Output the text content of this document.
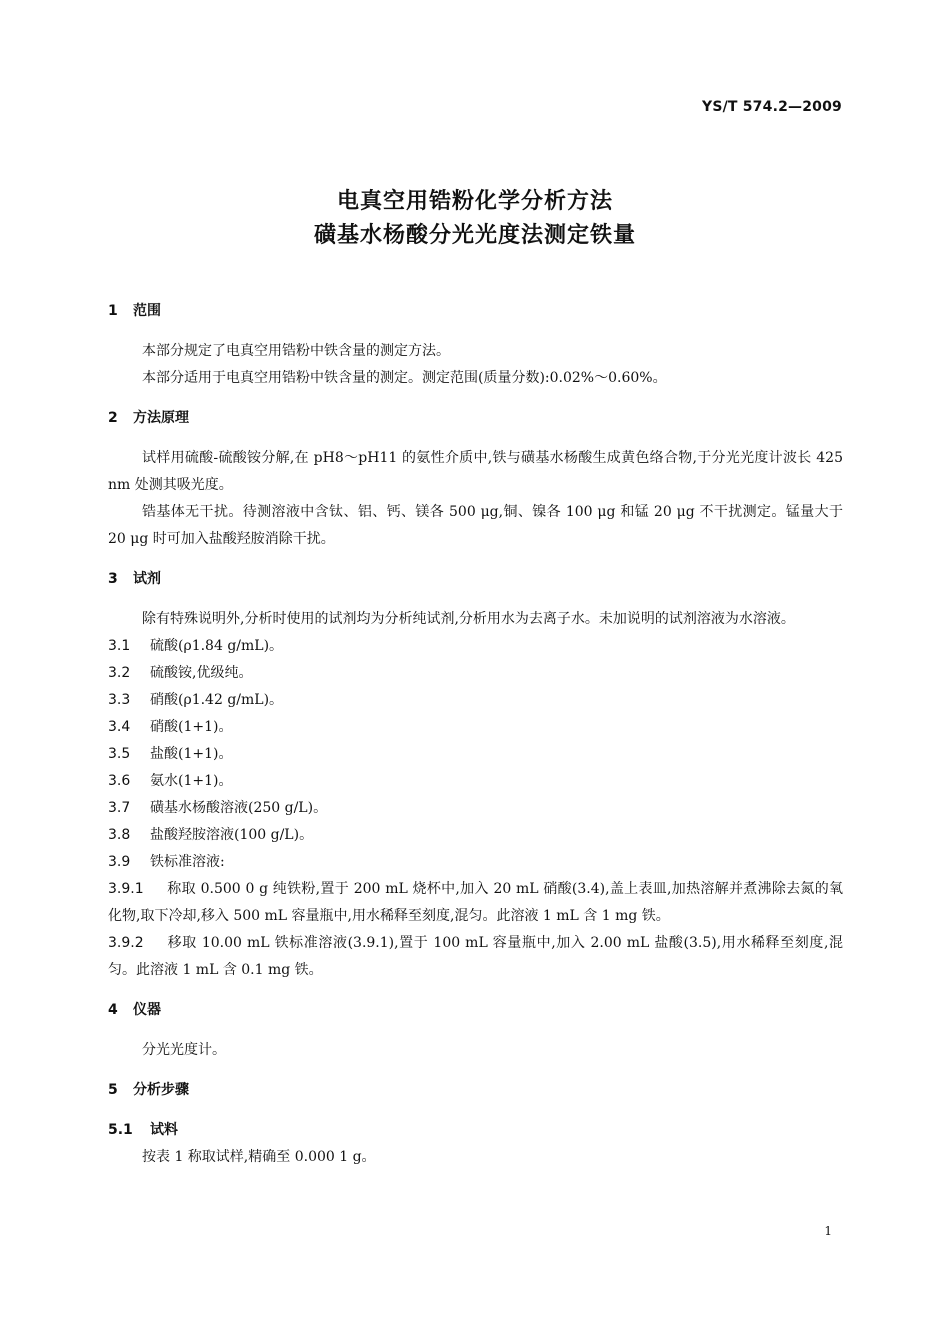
YS/T 574.2—2009
电真空用锆粉化学分析方法
磺基水杨酸分光光度法测定铁量
1 范围
本部分规定了电真空用锆粉中铁含量的测定方法。
本部分适用于电真空用锆粉中铁含量的测定。测定范围(质量分数):0.02%～0.60%。
2 方法原理
试样用硫酸-硫酸铵分解,在 pH8～pH11 的氨性介质中,铁与磺基水杨酸生成黄色络合物,于分光光度计波长 425 nm 处测其吸光度。
锆基体无干扰。待测溶液中含钛、铝、钙、镁各 500 μg,铜、镍各 100 μg 和锰 20 μg 不干扰测定。锰量大于 20 μg 时可加入盐酸羟胺消除干扰。
3 试剂
除有特殊说明外,分析时使用的试剂均为分析纯试剂,分析用水为去离子水。未加说明的试剂溶液为水溶液。
3.1 硫酸(ρ1.84 g/mL)。
3.2 硫酸铵,优级纯。
3.3 硝酸(ρ1.42 g/mL)。
3.4 硝酸(1+1)。
3.5 盐酸(1+1)。
3.6 氨水(1+1)。
3.7 磺基水杨酸溶液(250 g/L)。
3.8 盐酸羟胺溶液(100 g/L)。
3.9 铁标准溶液:
3.9.1 称取 0.500 0 g 纯铁粉,置于 200 mL 烧杯中,加入 20 mL 硝酸(3.4),盖上表皿,加热溶解并煮沸除去氮的氧化物,取下冷却,移入 500 mL 容量瓶中,用水稀释至刻度,混匀。此溶液 1 mL 含 1 mg 铁。
3.9.2 移取 10.00 mL 铁标准溶液(3.9.1),置于 100 mL 容量瓶中,加入 2.00 mL 盐酸(3.5),用水稀释至刻度,混匀。此溶液 1 mL 含 0.1 mg 铁。
4 仪器
分光光度计。
5 分析步骤
5.1 试料
按表 1 称取试样,精确至 0.000 1 g。
1
